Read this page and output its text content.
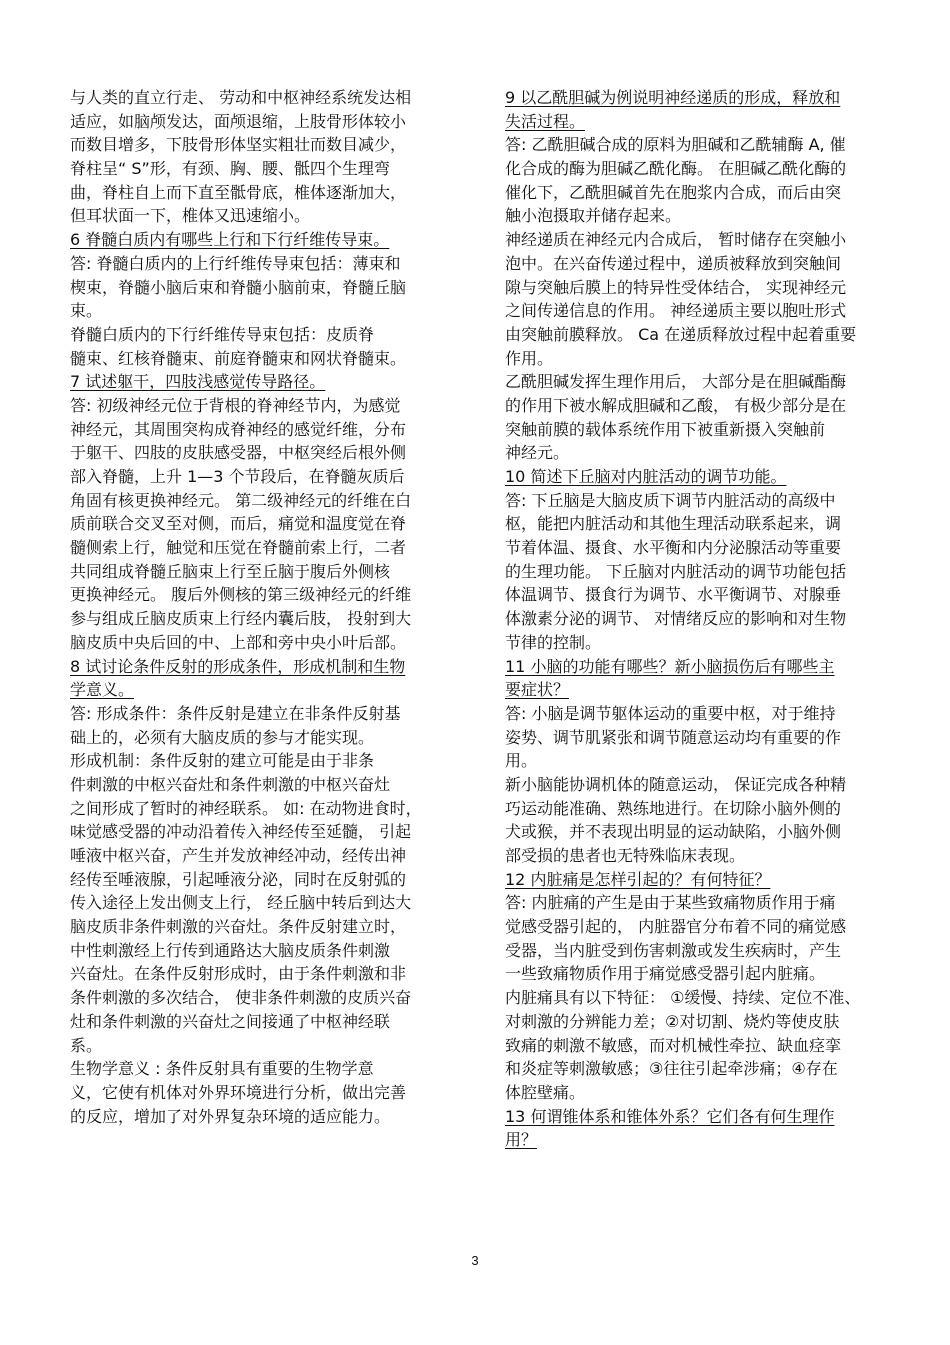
与人类的直立行走、 劳动和中枢神经系统发达相
适应，如脑颅发达，面颅退缩，上肢骨形体较小
而数目增多，下肢骨形体坚实粗壮而数目减少，
脊柱呈“ S”形，有颈、胸、腰、骶四个生理弯
曲，脊柱自上而下直至骶骨底，椎体逐渐加大，
但耳状面一下，椎体又迅速缩小。
6 脊髓白质内有哪些上行和下行纤维传导束。
答: 脊髓白质内的上行纤维传导束包括：薄束和
楔束，脊髓小脑后束和脊髓小脑前束，脊髓丘脑
束。
脊髓白质内的下行纤维传导束包括：皮质脊
髓束、红核脊髓束、前庭脊髓束和网状脊髓束。
7 试述躯干，四肢浅感觉传导路径。
答: 初级神经元位于背根的脊神经节内，为感觉
神经元，其周围突构成脊神经的感觉纤维，分布
于躯干、四肢的皮肤感受器，中枢突经后根外侧
部入脊髓，上升 1—3 个节段后，在脊髓灰质后
角固有核更换神经元。 第二级神经元的纤维在白
质前联合交叉至对侧，而后，痛觉和温度觉在脊
髓侧索上行，触觉和压觉在脊髓前索上行，二者
共同组成脊髓丘脑束上行至丘脑于腹后外侧核
更换神经元。 腹后外侧核的第三级神经元的纤维
参与组成丘脑皮质束上行经内囊后肢， 投射到大
脑皮质中央后回的中、上部和旁中央小叶后部。
8 试讨论条件反射的形成条件，形成机制和生物
学意义。
答: 形成条件：条件反射是建立在非条件反射基
础上的，必须有大脑皮质的参与才能实现。
形成机制：条件反射的建立可能是由于非条
件刺激的中枢兴奋灶和条件刺激的中枢兴奋灶
之间形成了暂时的神经联系。 如: 在动物进食时，
味觉感受器的冲动沿着传入神经传至延髓， 引起
唾液中枢兴奋，产生并发放神经冲动，经传出神
经传至唾液腺，引起唾液分泌，同时在反射弧的
传入途径上发出侧支上行， 经丘脑中转后到达大
脑皮质非条件刺激的兴奋灶。条件反射建立时，
中性刺激经上行传到通路达大脑皮质条件刺激
兴奋灶。在条件反射形成时，由于条件刺激和非
条件刺激的多次结合， 使非条件刺激的皮质兴奋
灶和条件刺激的兴奋灶之间接通了中枢神经联
系。
生物学意义 : 条件反射具有重要的生物学意
义，它使有机体对外界环境进行分析，做出完善
的反应，增加了对外界复杂环境的适应能力。
9 以乙酰胆碱为例说明神经递质的形成，释放和
失活过程。
答: 乙酰胆碱合成的原料为胆碱和乙酰辅酶 A, 催
化合成的酶为胆碱乙酰化酶。 在胆碱乙酰化酶的
催化下，乙酰胆碱首先在胞浆内合成，而后由突
触小泡摄取并储存起来。
神经递质在神经元内合成后， 暂时储存在突触小
泡中。在兴奋传递过程中，递质被释放到突触间
隙与突触后膜上的特异性受体结合， 实现神经元
之间传递信息的作用。 神经递质主要以胞吐形式
由突触前膜释放。 Ca 在递质释放过程中起着重要
作用。
乙酰胆碱发挥生理作用后， 大部分是在胆碱酯酶
的作用下被水解成胆碱和乙酸， 有极少部分是在
突触前膜的载体系统作用下被重新摄入突触前
神经元。
10 简述下丘脑对内脏活动的调节功能。
答: 下丘脑是大脑皮质下调节内脏活动的高级中
枢，能把内脏活动和其他生理活动联系起来，调
节着体温、摄食、水平衡和内分泌腺活动等重要
的生理功能。 下丘脑对内脏活动的调节功能包括
体温调节、摄食行为调节、水平衡调节、对腺垂
体激素分泌的调节、 对情绪反应的影响和对生物
节律的控制。
11 小脑的功能有哪些？新小脑损伤后有哪些主
要症状？
答: 小脑是调节躯体运动的重要中枢，对于维持
姿势、调节肌紧张和调节随意运动均有重要的作
用。
新小脑能协调机体的随意运动， 保证完成各种精
巧运动能准确、熟练地进行。在切除小脑外侧的
犬或猴，并不表现出明显的运动缺陷，小脑外侧
部受损的患者也无特殊临床表现。
12 内脏痛是怎样引起的？有何特征？
答: 内脏痛的产生是由于某些致痛物质作用于痛
觉感受器引起的， 内脏器官分布着不同的痛觉感
受器，当内脏受到伤害刺激或发生疾病时，产生
一些致痛物质作用于痛觉感受器引起内脏痛。
内脏痛具有以下特征： ①缓慢、持续、定位不准、
对刺激的分辨能力差；②对切割、烧灼等使皮肤
致痛的刺激不敏感，而对机械性牵拉、缺血痉挛
和炎症等刺激敏感；③往往引起牵涉痛；④存在
体腔壁痛。
13 何谓锥体系和锥体外系？它们各有何生理作
用？
3
